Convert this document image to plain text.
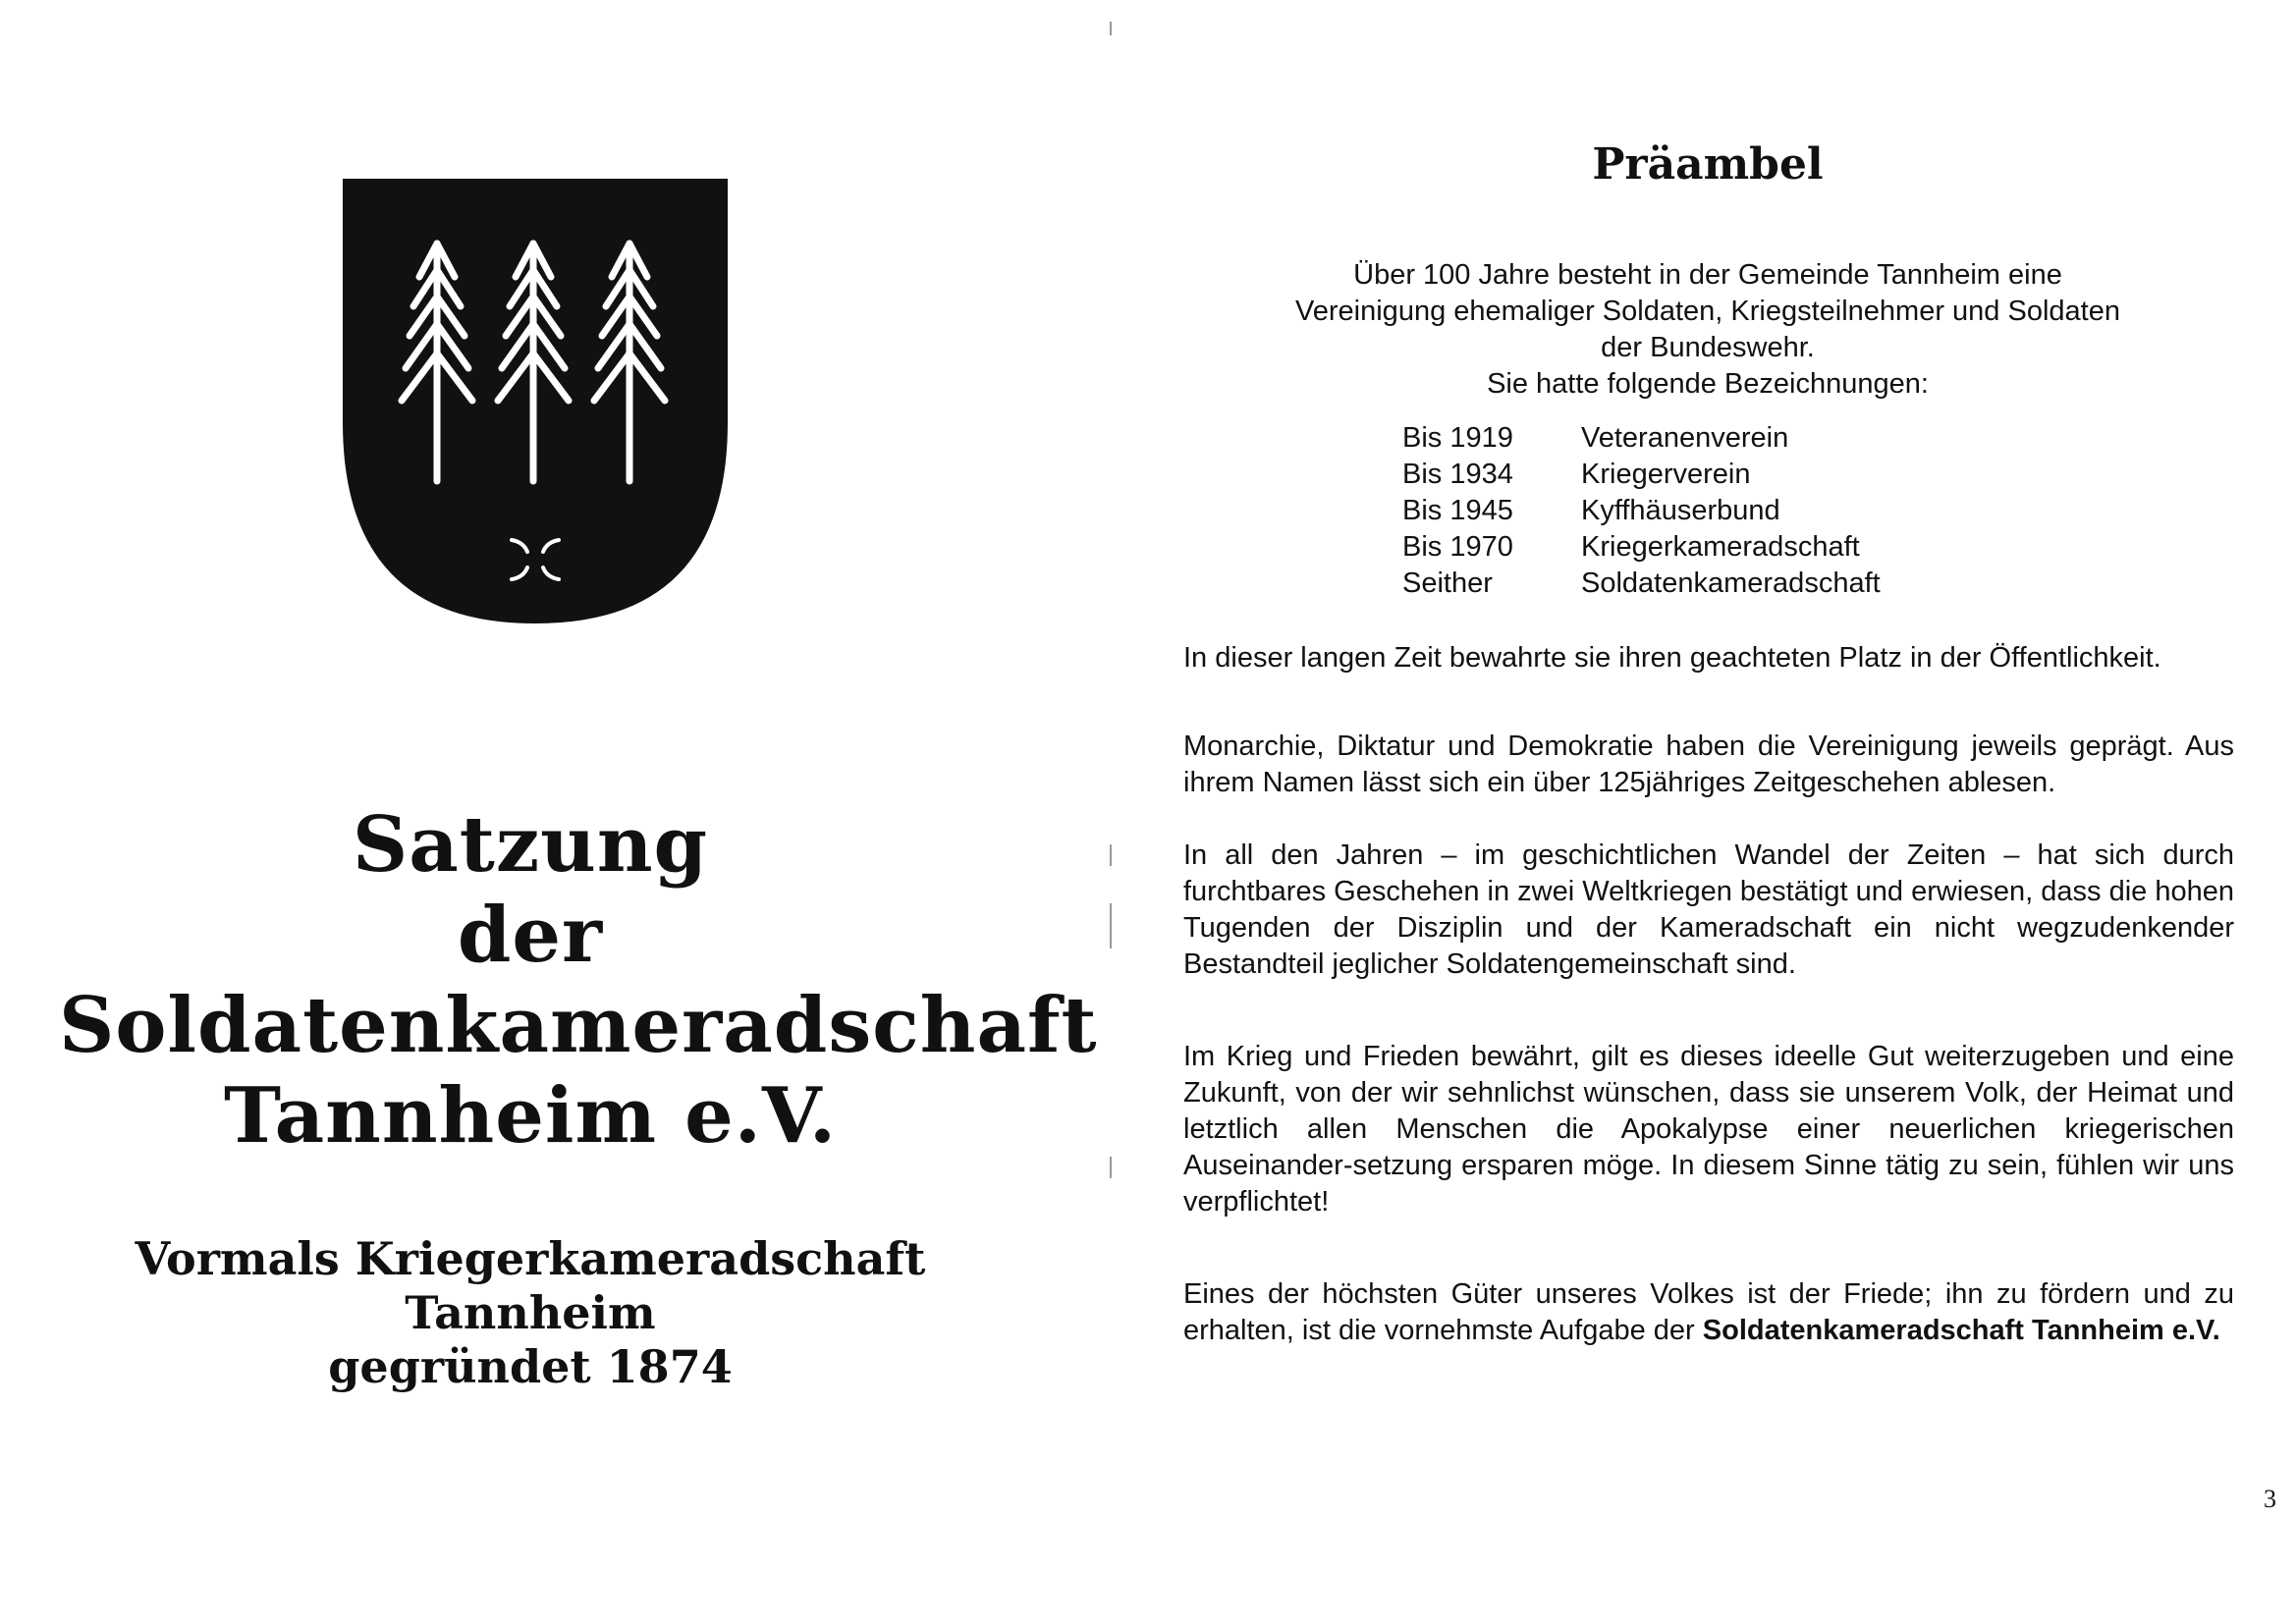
Satzung
der
Soldatenkameradschaft
Tannheim e.V.
Vormals Kriegerkameradschaft
Tannheim
gegründet 1874
Präambel
Über 100 Jahre besteht in der Gemeinde Tannheim eine
Vereinigung ehemaliger Soldaten, Kriegsteilnehmer und Soldaten
der Bundeswehr.
Sie hatte folgende Bezeichnungen:
Bis 1919	Veteranenverein
Bis 1934	Kriegerverein
Bis 1945	Kyffhäuserbund
Bis 1970	Kriegerkameradschaft
Seither	Soldatenkameradschaft
In dieser langen Zeit bewahrte sie ihren geachteten Platz in der Öffentlichkeit.
Monarchie, Diktatur und Demokratie haben die Vereinigung jeweils geprägt. Aus ihrem Namen lässt sich ein über 125jähriges Zeitgeschehen ablesen.
In all den Jahren – im geschichtlichen Wandel der Zeiten – hat sich durch furchtbares Geschehen in zwei Weltkriegen bestätigt und erwiesen, dass die hohen Tugenden der Disziplin und der Kameradschaft ein nicht wegzudenkender Bestandteil jeglicher Soldatengemeinschaft sind.
Im Krieg und Frieden bewährt, gilt es dieses ideelle Gut weiterzugeben und eine Zukunft, von der wir sehnlichst wünschen, dass sie unserem Volk, der Heimat und letztlich allen Menschen die Apokalypse einer neuerlichen kriegerischen Auseinander-setzung ersparen möge. In diesem Sinne tätig zu sein, fühlen wir uns verpflichtet!
Eines der höchsten Güter unseres Volkes ist der Friede; ihn zu fördern und zu erhalten, ist die vornehmste Aufgabe der Soldatenkameradschaft Tannheim e.V.
3
